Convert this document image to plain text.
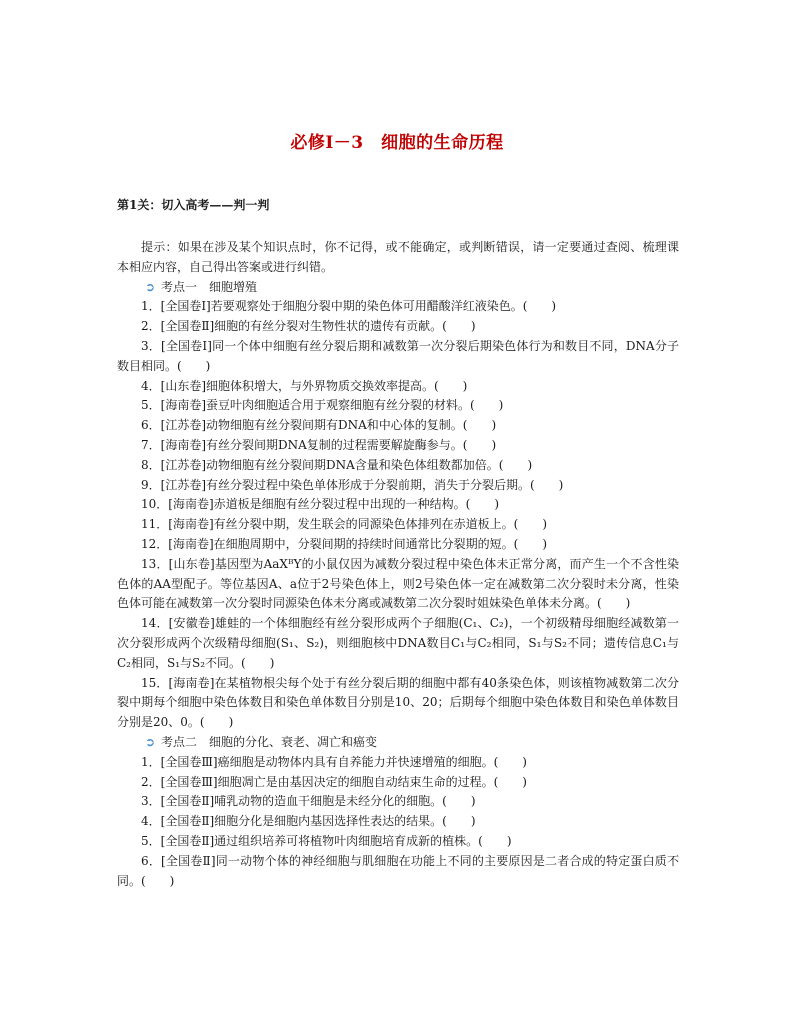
必修Ⅰ－3　细胞的生命历程
第1关：切入高考——判一判

提示：如果在涉及某个知识点时，你不记得，或不能确定，或判断错误，请一定要通过查阅、梳理课本相应内容，自己得出答案或进行纠错。

➲ 考点一　细胞增殖

1．[全国卷Ⅰ]若要观察处于细胞分裂中期的染色体可用醋酸洋红液染色。(　　)

2．[全国卷Ⅱ]细胞的有丝分裂对生物性状的遗传有贡献。(　　)

3．[全国卷Ⅰ]同一个体中细胞有丝分裂后期和减数第一次分裂后期染色体行为和数目不同，DNA分子数目相同。(　　)

4．[山东卷]细胞体积增大，与外界物质交换效率提高。(　　)

5．[海南卷]蚕豆叶肉细胞适合用于观察细胞有丝分裂的材料。(　　)

6．[江苏卷]动物细胞有丝分裂间期有DNA和中心体的复制。(　　)

7．[海南卷]有丝分裂间期DNA复制的过程需要解旋酶参与。(　　)

8．[江苏卷]动物细胞有丝分裂间期DNA含量和染色体组数都加倍。(　　)

9．[江苏卷]有丝分裂过程中染色单体形成于分裂前期，消失于分裂后期。(　　)

10．[海南卷]赤道板是细胞有丝分裂过程中出现的一种结构。(　　)

11．[海南卷]有丝分裂中期，发生联会的同源染色体排列在赤道板上。(　　)

12．[海南卷]在细胞周期中，分裂间期的持续时间通常比分裂期的短。(　　)

13．[山东卷]基因型为AaXᴮY的小鼠仅因为减数分裂过程中染色体未正常分离，而产生一个不含性染色体的AA型配子。等位基因A、a位于2号染色体上，则2号染色体一定在减数第二次分裂时未分离，性染色体可能在减数第一次分裂时同源染色体未分离或减数第二次分裂时姐妹染色单体未分离。(　　)

14．[安徽卷]雄蛙的一个体细胞经有丝分裂形成两个子细胞(C₁、C₂)，一个初级精母细胞经减数第一次分裂形成两个次级精母细胞(S₁、S₂)，则细胞核中DNA数目C₁与C₂相同，S₁与S₂不同；遗传信息C₁与C₂相同，S₁与S₂不同。(　　)

15．[海南卷]在某植物根尖每个处于有丝分裂后期的细胞中都有40条染色体，则该植物减数第二次分裂中期每个细胞中染色体数目和染色单体数目分别是10、20；后期每个细胞中染色体数目和染色单体数目分别是20、0。(　　)

➲ 考点二　细胞的分化、衰老、凋亡和癌变

1．[全国卷Ⅲ]癌细胞是动物体内具有自养能力并快速增殖的细胞。(　　)

2．[全国卷Ⅲ]细胞凋亡是由基因决定的细胞自动结束生命的过程。(　　)

3．[全国卷Ⅱ]哺乳动物的造血干细胞是未经分化的细胞。(　　)

4．[全国卷Ⅱ]细胞分化是细胞内基因选择性表达的结果。(　　)

5．[全国卷Ⅱ]通过组织培养可将植物叶肉细胞培育成新的植株。(　　)

6．[全国卷Ⅱ]同一动物个体的神经细胞与肌细胞在功能上不同的主要原因是二者合成的特定蛋白质不同。(　　)
